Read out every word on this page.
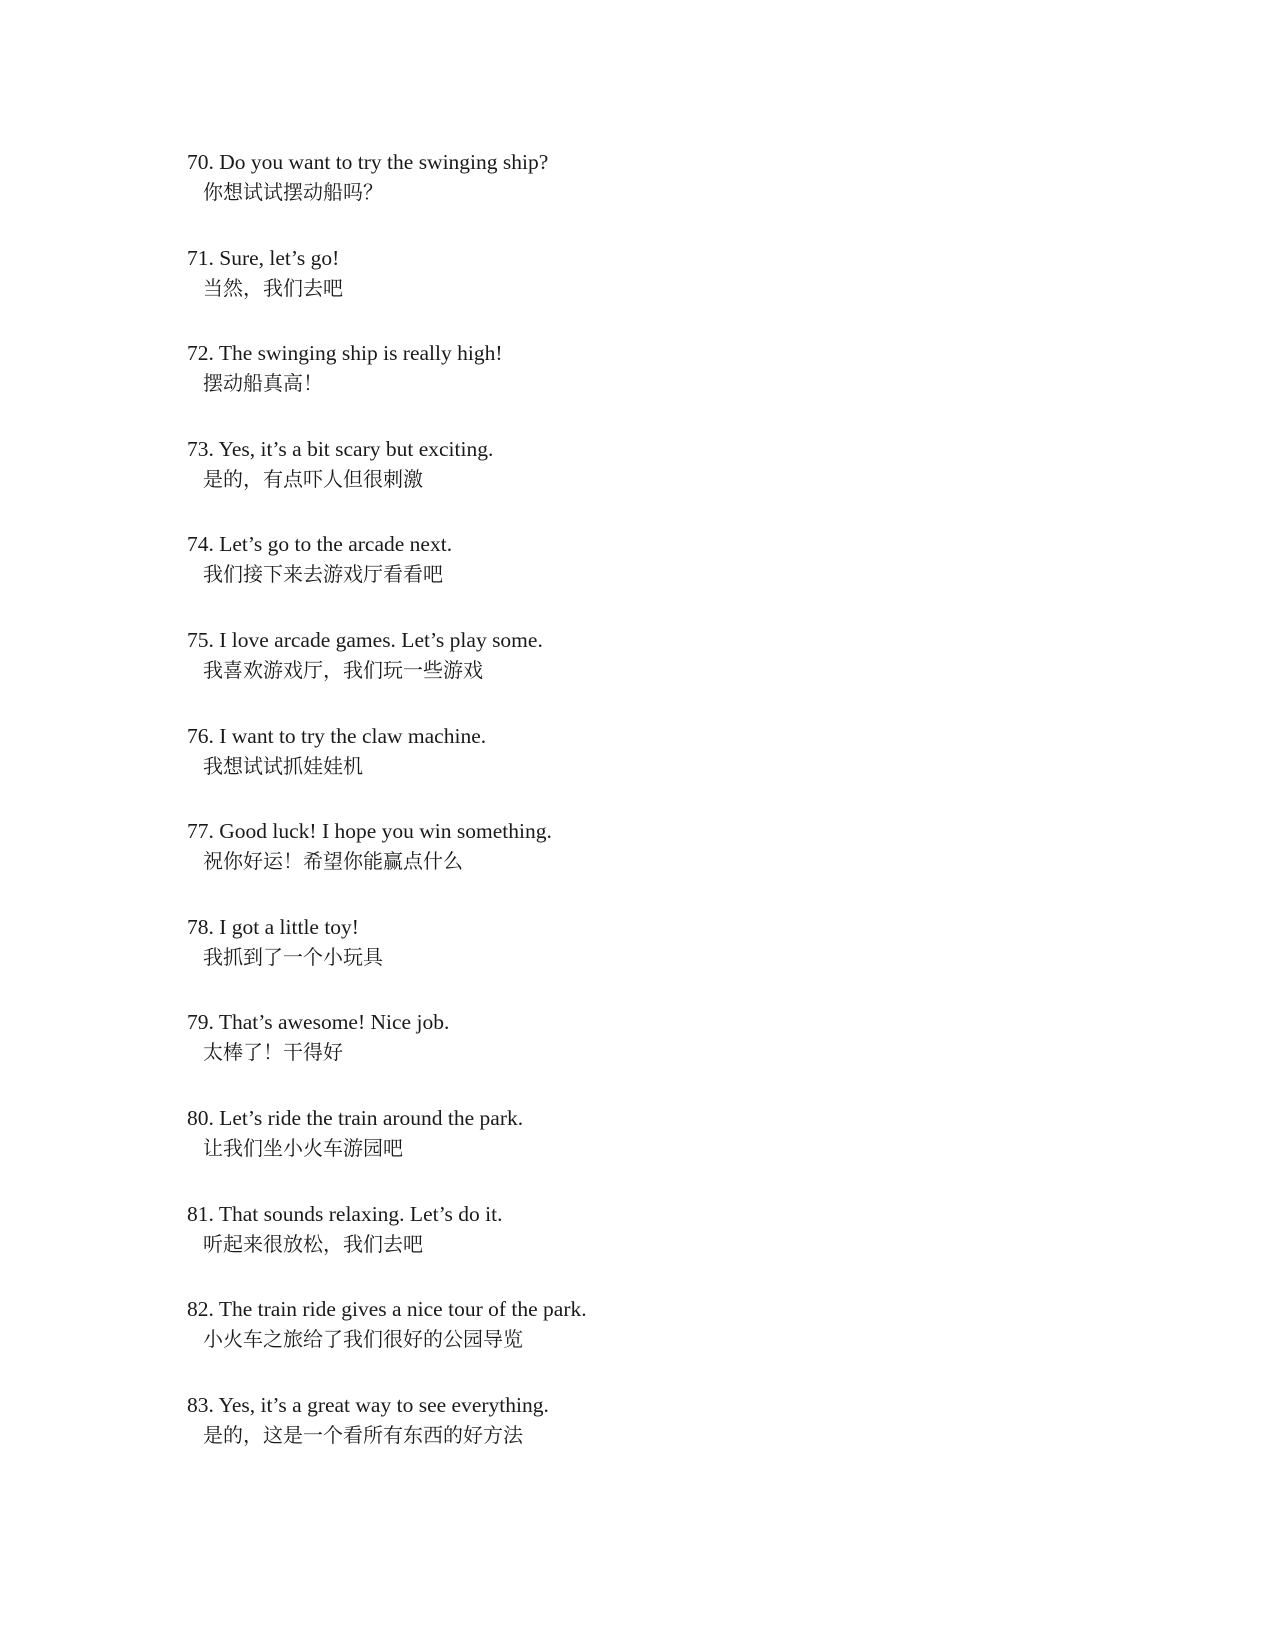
70. Do you want to try the swinging ship?
你想试试摆动船吗？
71. Sure, let’s go!
当然，我们去吧
72. The swinging ship is really high!
摆动船真高！
73. Yes, it’s a bit scary but exciting.
是的，有点吓人但很刺激
74. Let’s go to the arcade next.
我们接下来去游戏厅看看吧
75. I love arcade games. Let’s play some.
我喜欢游戏厅，我们玩一些游戏
76. I want to try the claw machine.
我想试试抓娃娃机
77. Good luck! I hope you win something.
祝你好运！希望你能赢点什么
78. I got a little toy!
我抓到了一个小玩具
79. That’s awesome! Nice job.
太棒了！干得好
80. Let’s ride the train around the park.
让我们坐小火车游园吧
81. That sounds relaxing. Let’s do it.
听起来很放松，我们去吧
82. The train ride gives a nice tour of the park.
小火车之旅给了我们很好的公园导览
83. Yes, it’s a great way to see everything.
是的，这是一个看所有东西的好方法
